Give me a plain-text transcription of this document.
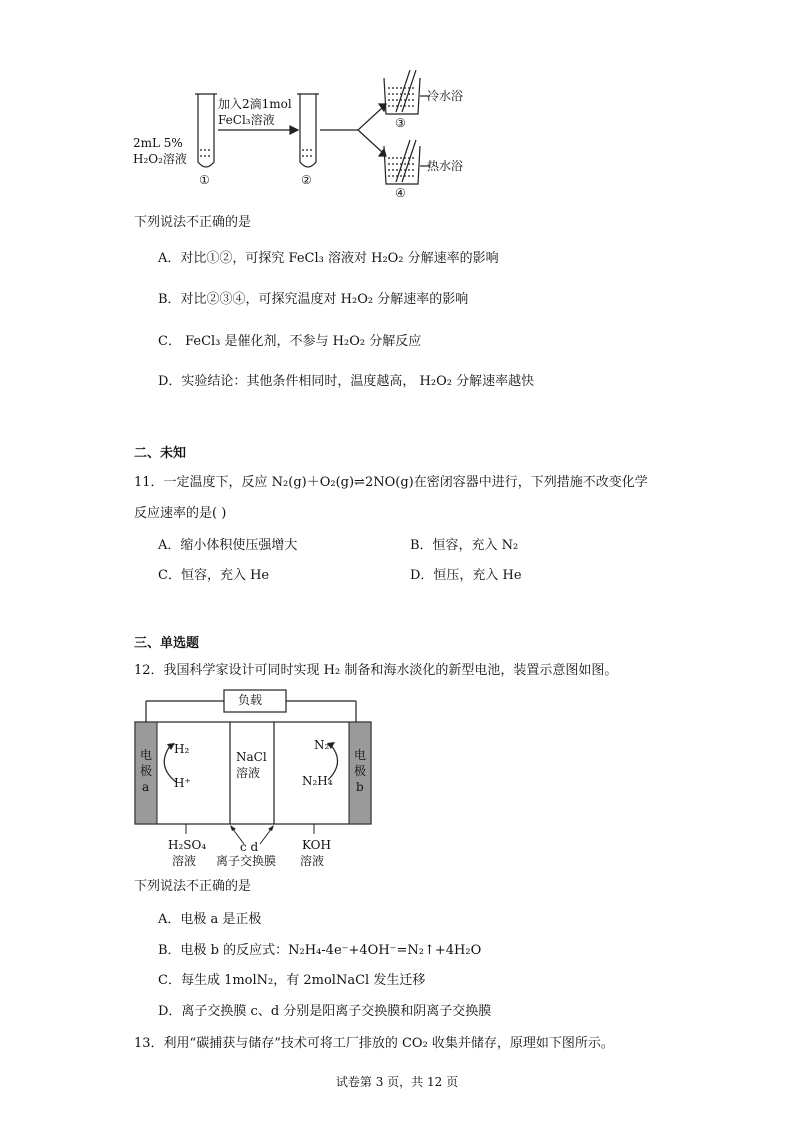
2mL 5%
H₂O₂溶液
加入2滴1mol
FeCl₃溶液
①	②
③
④
冷水浴
热水浴
下列说法不正确的是
A．对比①②，可探究 FeCl₃ 溶液对 H₂O₂ 分解速率的影响
B．对比②③④，可探究温度对 H₂O₂ 分解速率的影响
C． FeCl₃ 是催化剂，不参与 H₂O₂ 分解反应
D．实验结论：其他条件相同时，温度越高， H₂O₂ 分解速率越快
二、未知
11．一定温度下，反应 N₂(g)＋O₂(g)⇌2NO(g)在密闭容器中进行，下列措施不改变化学
反应速率的是( )
A．缩小体积使压强增大	B．恒容，充入 N₂
C．恒容，充入 He	D．恒压，充入 He
三、单选题
12．我国科学家设计可同时实现 H₂ 制备和海水淡化的新型电池，装置示意图如图。
负载
电
极
a
电
极
b
H₂
H⁺
NaCl
溶液
N₂
N₂H₄
H₂SO₄
溶液
c d
离子交换膜
KOH
溶液
下列说法不正确的是
A．电极 a 是正极
B．电极 b 的反应式：N₂H₄-4e⁻+4OH⁻=N₂↑+4H₂O
C．每生成 1molN₂，有 2molNaCl 发生迁移
D．离子交换膜 c、d 分别是阳离子交换膜和阴离子交换膜
13．利用“碳捕获与储存”技术可将工厂排放的 CO₂ 收集并储存，原理如下图所示。
试卷第 3 页，共 12 页
